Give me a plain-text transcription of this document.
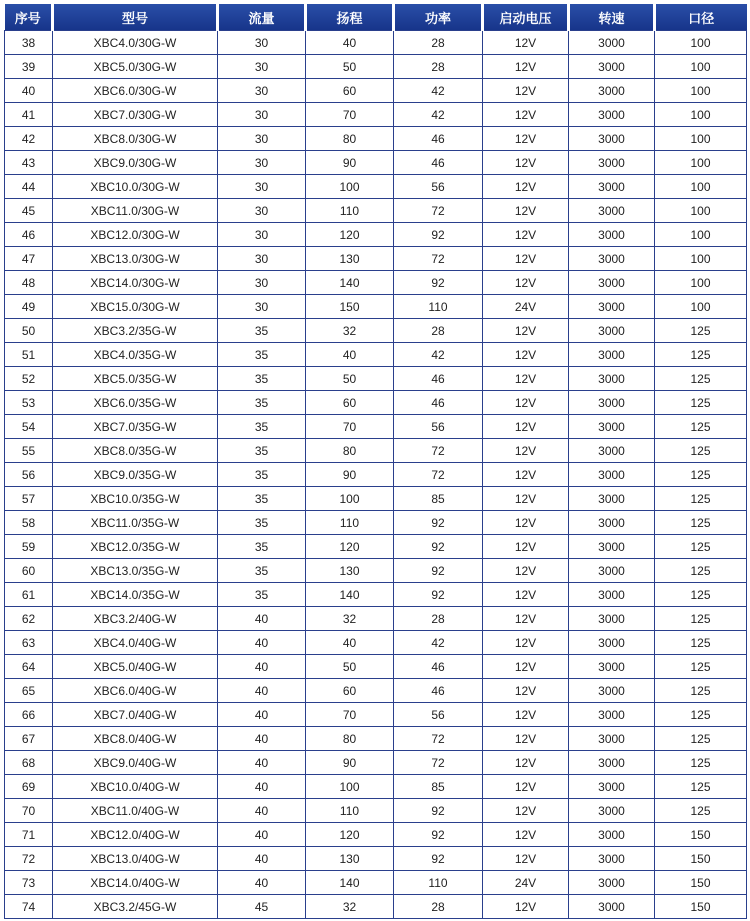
序号	型号	流量	扬程	功率	启动电压	转速	口径
38	XBC4.0/30G-W	30	40	28	12V	3000	100
39	XBC5.0/30G-W	30	50	28	12V	3000	100
40	XBC6.0/30G-W	30	60	42	12V	3000	100
41	XBC7.0/30G-W	30	70	42	12V	3000	100
42	XBC8.0/30G-W	30	80	46	12V	3000	100
43	XBC9.0/30G-W	30	90	46	12V	3000	100
44	XBC10.0/30G-W	30	100	56	12V	3000	100
45	XBC11.0/30G-W	30	110	72	12V	3000	100
46	XBC12.0/30G-W	30	120	92	12V	3000	100
47	XBC13.0/30G-W	30	130	72	12V	3000	100
48	XBC14.0/30G-W	30	140	92	12V	3000	100
49	XBC15.0/30G-W	30	150	110	24V	3000	100
50	XBC3.2/35G-W	35	32	28	12V	3000	125
51	XBC4.0/35G-W	35	40	42	12V	3000	125
52	XBC5.0/35G-W	35	50	46	12V	3000	125
53	XBC6.0/35G-W	35	60	46	12V	3000	125
54	XBC7.0/35G-W	35	70	56	12V	3000	125
55	XBC8.0/35G-W	35	80	72	12V	3000	125
56	XBC9.0/35G-W	35	90	72	12V	3000	125
57	XBC10.0/35G-W	35	100	85	12V	3000	125
58	XBC11.0/35G-W	35	110	92	12V	3000	125
59	XBC12.0/35G-W	35	120	92	12V	3000	125
60	XBC13.0/35G-W	35	130	92	12V	3000	125
61	XBC14.0/35G-W	35	140	92	12V	3000	125
62	XBC3.2/40G-W	40	32	28	12V	3000	125
63	XBC4.0/40G-W	40	40	42	12V	3000	125
64	XBC5.0/40G-W	40	50	46	12V	3000	125
65	XBC6.0/40G-W	40	60	46	12V	3000	125
66	XBC7.0/40G-W	40	70	56	12V	3000	125
67	XBC8.0/40G-W	40	80	72	12V	3000	125
68	XBC9.0/40G-W	40	90	72	12V	3000	125
69	XBC10.0/40G-W	40	100	85	12V	3000	125
70	XBC11.0/40G-W	40	110	92	12V	3000	125
71	XBC12.0/40G-W	40	120	92	12V	3000	150
72	XBC13.0/40G-W	40	130	92	12V	3000	150
73	XBC14.0/40G-W	40	140	110	24V	3000	150
74	XBC3.2/45G-W	45	32	28	12V	3000	150
